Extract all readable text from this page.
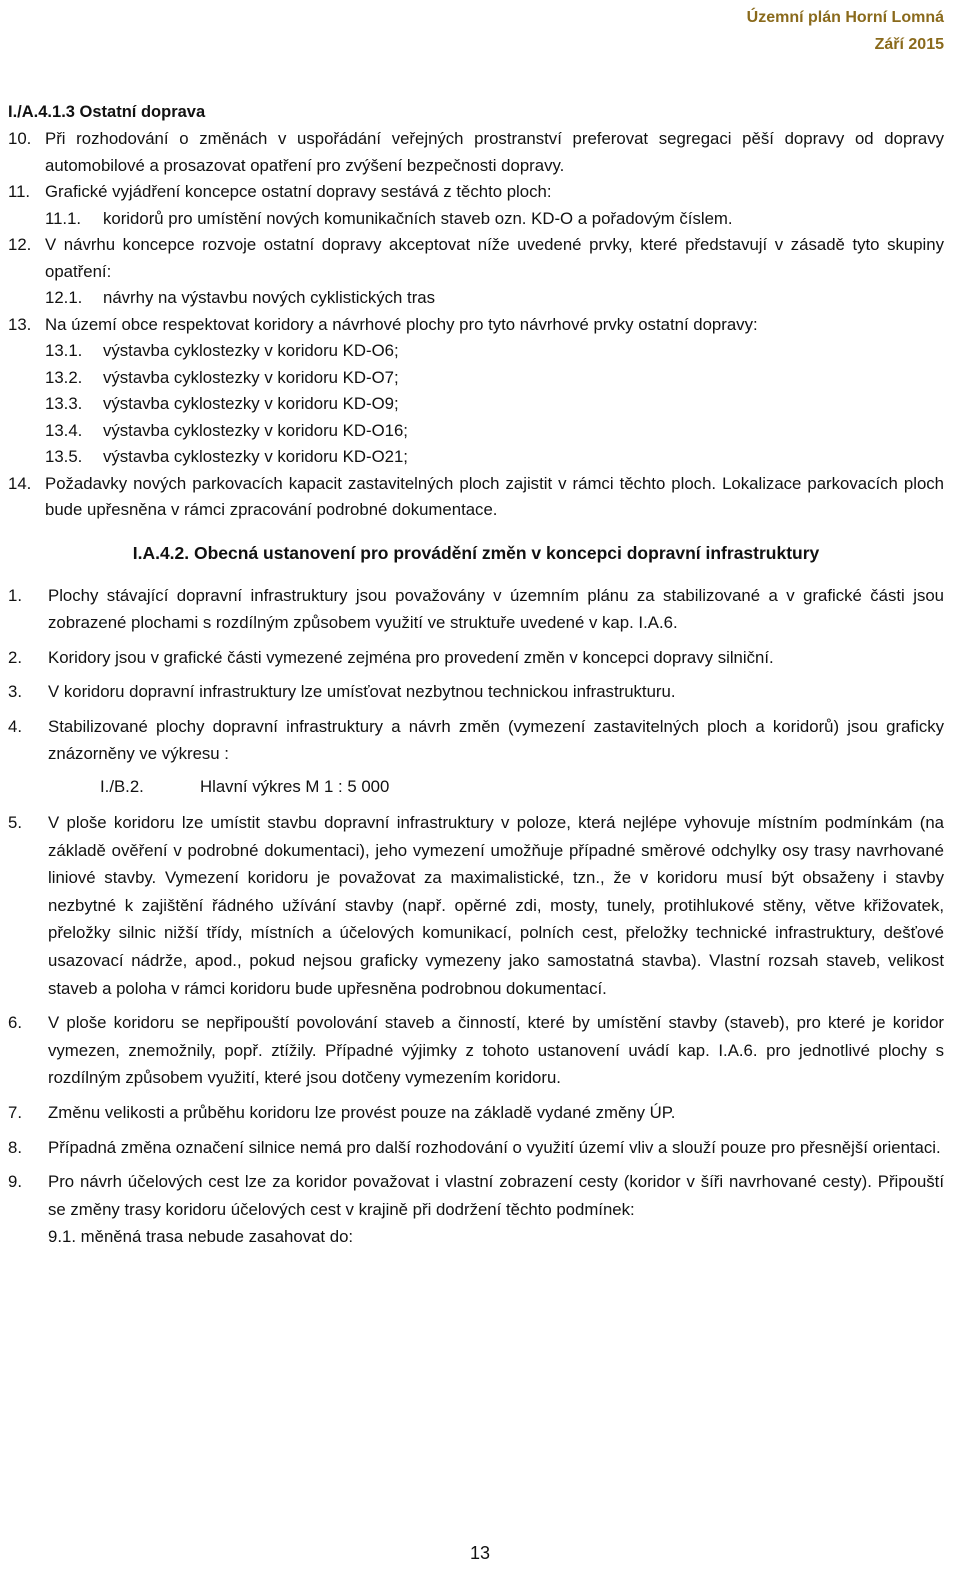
Územní plán Horní Lomná
Září 2015
I./A.4.1.3 Ostatní doprava
10. Při rozhodování o změnách v uspořádání veřejných prostranství preferovat segregaci pěší dopravy od dopravy automobilové a prosazovat opatření pro zvýšení bezpečnosti dopravy.
11. Grafické vyjádření koncepce ostatní dopravy sestává z těchto ploch:
11.1.	koridorů pro umístění nových komunikačních staveb ozn. KD-O a pořadovým číslem.
12. V návrhu koncepce rozvoje ostatní dopravy akceptovat níže uvedené prvky, které představují v zásadě tyto skupiny opatření:
12.1.	návrhy na výstavbu nových cyklistických tras
13. Na území obce respektovat koridory a návrhové plochy pro tyto návrhové prvky ostatní dopravy:
13.1.	výstavba cyklostezky v koridoru KD-O6;
13.2.	výstavba cyklostezky v koridoru KD-O7;
13.3.	výstavba cyklostezky v koridoru KD-O9;
13.4.	výstavba cyklostezky v koridoru KD-O16;
13.5.	výstavba cyklostezky v koridoru KD-O21;
14. Požadavky nových parkovacích kapacit zastavitelných ploch zajistit v rámci těchto ploch. Lokalizace parkovacích ploch bude upřesněna v rámci zpracování podrobné dokumentace.
I.A.4.2. Obecná ustanovení pro provádění změn v koncepci dopravní infrastruktury
1.	Plochy stávající dopravní infrastruktury jsou považovány v územním plánu za stabilizované a v grafické části jsou zobrazené plochami s rozdílným způsobem využití ve struktuře uvedené v kap. I.A.6.
2.	Koridory jsou v grafické části vymezené zejména pro provedení změn v koncepci dopravy silniční.
3.	V koridoru dopravní infrastruktury lze umísťovat nezbytnou technickou infrastrukturu.
4.	Stabilizované plochy dopravní infrastruktury a návrh změn (vymezení zastavitelných ploch a koridorů) jsou graficky znázorněny ve výkresu :
I./B.2.	Hlavní výkres M 1 : 5 000
5.	V ploše koridoru lze umístit stavbu dopravní infrastruktury v poloze, která nejlépe vyhovuje místním podmínkám (na základě ověření v podrobné dokumentaci), jeho vymezení umožňuje případné směrové odchylky osy trasy navrhované liniové stavby. Vymezení koridoru je považovat za maximalistické, tzn., že v koridoru musí být obsaženy i stavby nezbytné k zajištění řádného užívání stavby (např. opěrné zdi, mosty, tunely, protihlukové stěny, větve křižovatek, přeložky silnic nižší třídy, místních a účelových komunikací, polních cest, přeložky technické infrastruktury, dešťové usazovací nádrže, apod., pokud nejsou graficky vymezeny jako samostatná stavba). Vlastní rozsah staveb, velikost staveb a poloha v rámci koridoru bude upřesněna podrobnou dokumentací.
6.	V ploše koridoru se nepřipouští povolování staveb a činností, které by umístění stavby (staveb), pro které je koridor vymezen, znemožnily, popř. ztížily. Případné výjimky z tohoto ustanovení uvádí kap. I.A.6. pro jednotlivé plochy s rozdílným způsobem využití, které jsou dotčeny vymezením koridoru.
7.	Změnu velikosti a průběhu koridoru lze provést pouze na základě vydané změny ÚP.
8.	Případná změna označení silnice nemá pro další rozhodování o využití území vliv a slouží pouze pro přesnější orientaci.
9.	Pro návrh účelových cest lze za koridor považovat i vlastní zobrazení cesty (koridor v šíři navrhované cesty). Připouští se změny trasy koridoru účelových cest v krajině při dodržení těchto podmínek:
9.1. měněná trasa nebude zasahovat do:
13
